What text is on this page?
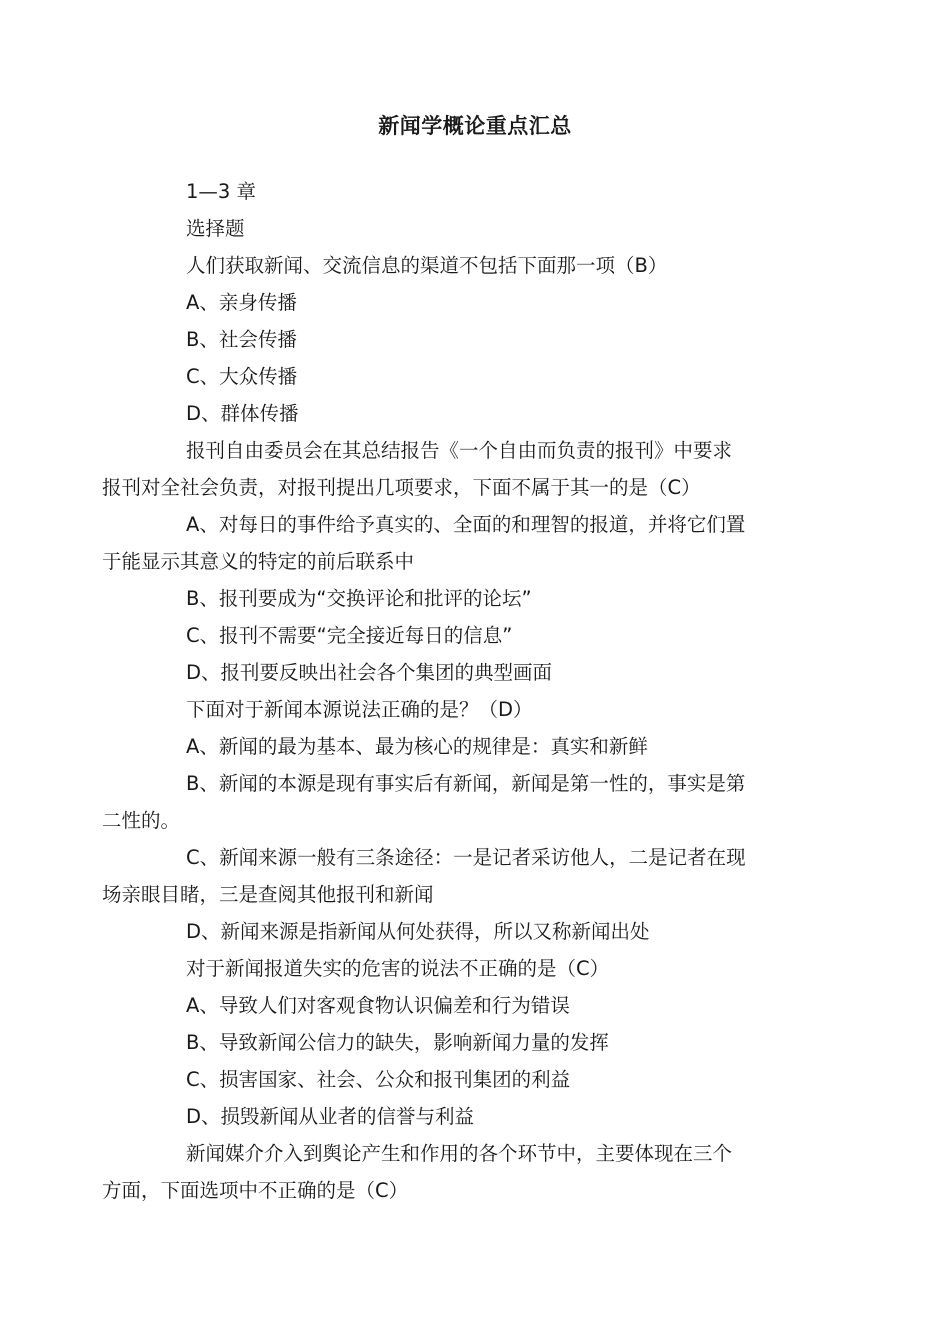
新闻学概论重点汇总

1—3 章

选择题

人们获取新闻、交流信息的渠道不包括下面那一项（B）

A、亲身传播

B、社会传播

C、大众传播

D、群体传播

报刊自由委员会在其总结报告《一个自由而负责的报刊》中要求
报刊对全社会负责，对报刊提出几项要求，下面不属于其一的是（C）

A、对每日的事件给予真实的、全面的和理智的报道，并将它们置
于能显示其意义的特定的前后联系中

B、报刊要成为“交换评论和批评的论坛”

C、报刊不需要“完全接近每日的信息”

D、报刊要反映出社会各个集团的典型画面

下面对于新闻本源说法正确的是？（D）

A、新闻的最为基本、最为核心的规律是：真实和新鲜

B、新闻的本源是现有事实后有新闻，新闻是第一性的，事实是第
二性的。

C、新闻来源一般有三条途径：一是记者采访他人，二是记者在现
场亲眼目睹，三是查阅其他报刊和新闻

D、新闻来源是指新闻从何处获得，所以又称新闻出处

对于新闻报道失实的危害的说法不正确的是（C）

A、导致人们对客观食物认识偏差和行为错误

B、导致新闻公信力的缺失，影响新闻力量的发挥

C、损害国家、社会、公众和报刊集团的利益

D、损毁新闻从业者的信誉与利益

新闻媒介介入到舆论产生和作用的各个环节中，主要体现在三个
方面，下面选项中不正确的是（C）
